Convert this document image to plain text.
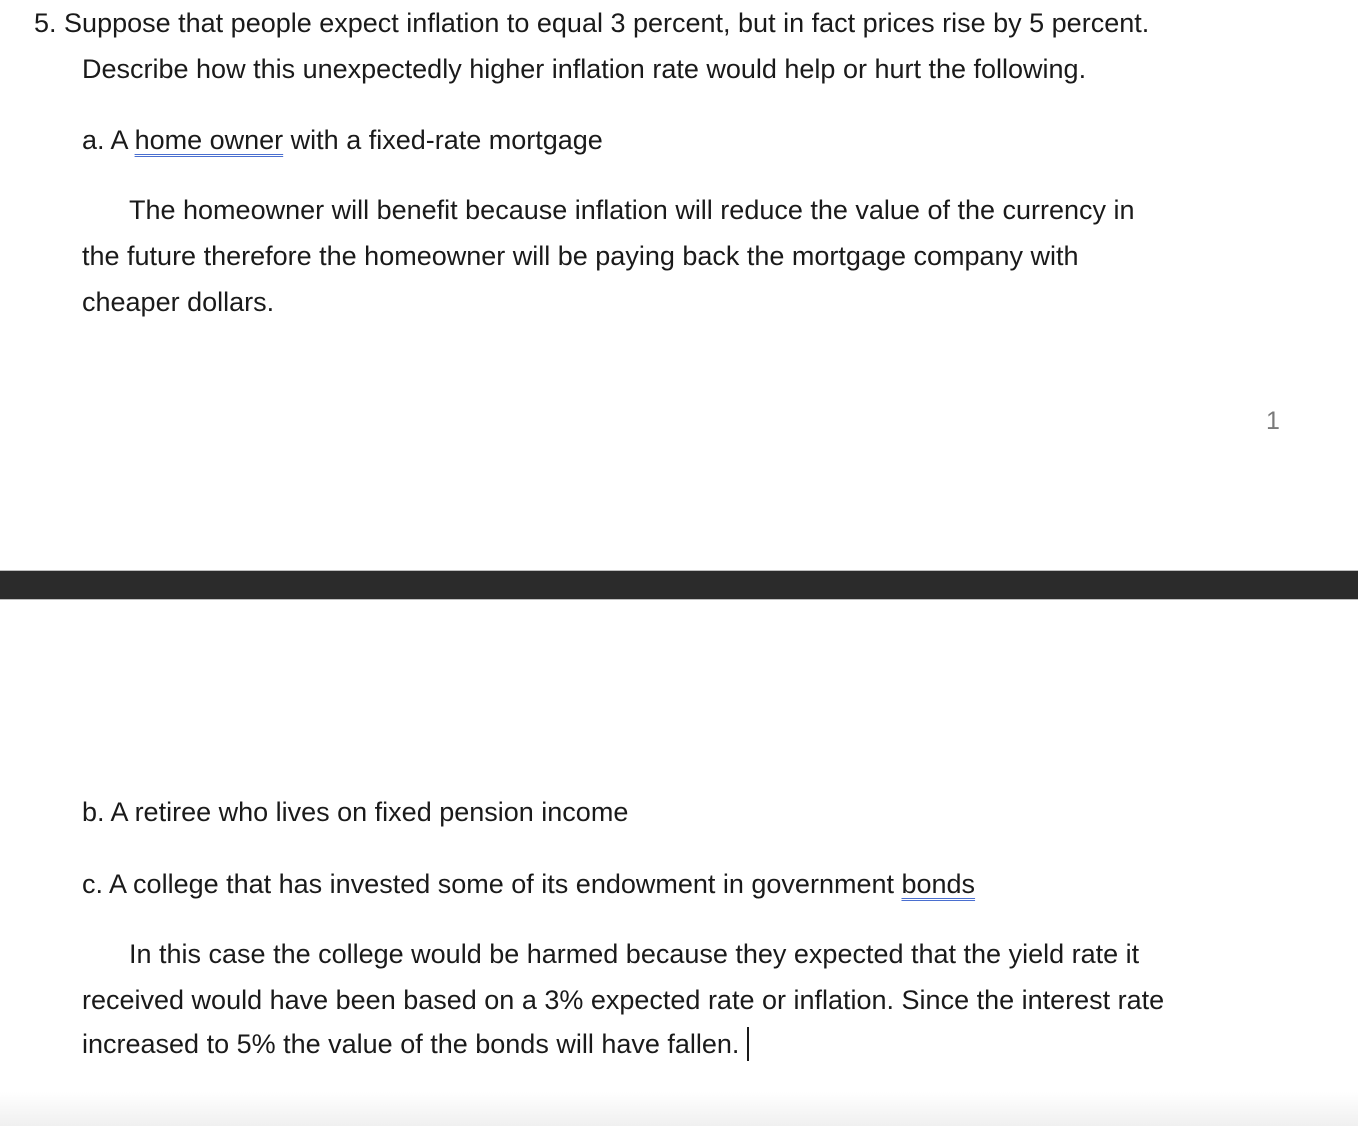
5. Suppose that people expect inflation to equal 3 percent, but in fact prices rise by 5 percent.
Describe how this unexpectedly higher inflation rate would help or hurt the following.
a. A home owner with a fixed-rate mortgage
The homeowner will benefit because inflation will reduce the value of the currency in
the future therefore the homeowner will be paying back the mortgage company with
cheaper dollars.
1
b. A retiree who lives on fixed pension income
c. A college that has invested some of its endowment in government bonds
In this case the college would be harmed because they expected that the yield rate it
received would have been based on a 3% expected rate or inflation. Since the interest rate
increased to 5% the value of the bonds will have fallen.
